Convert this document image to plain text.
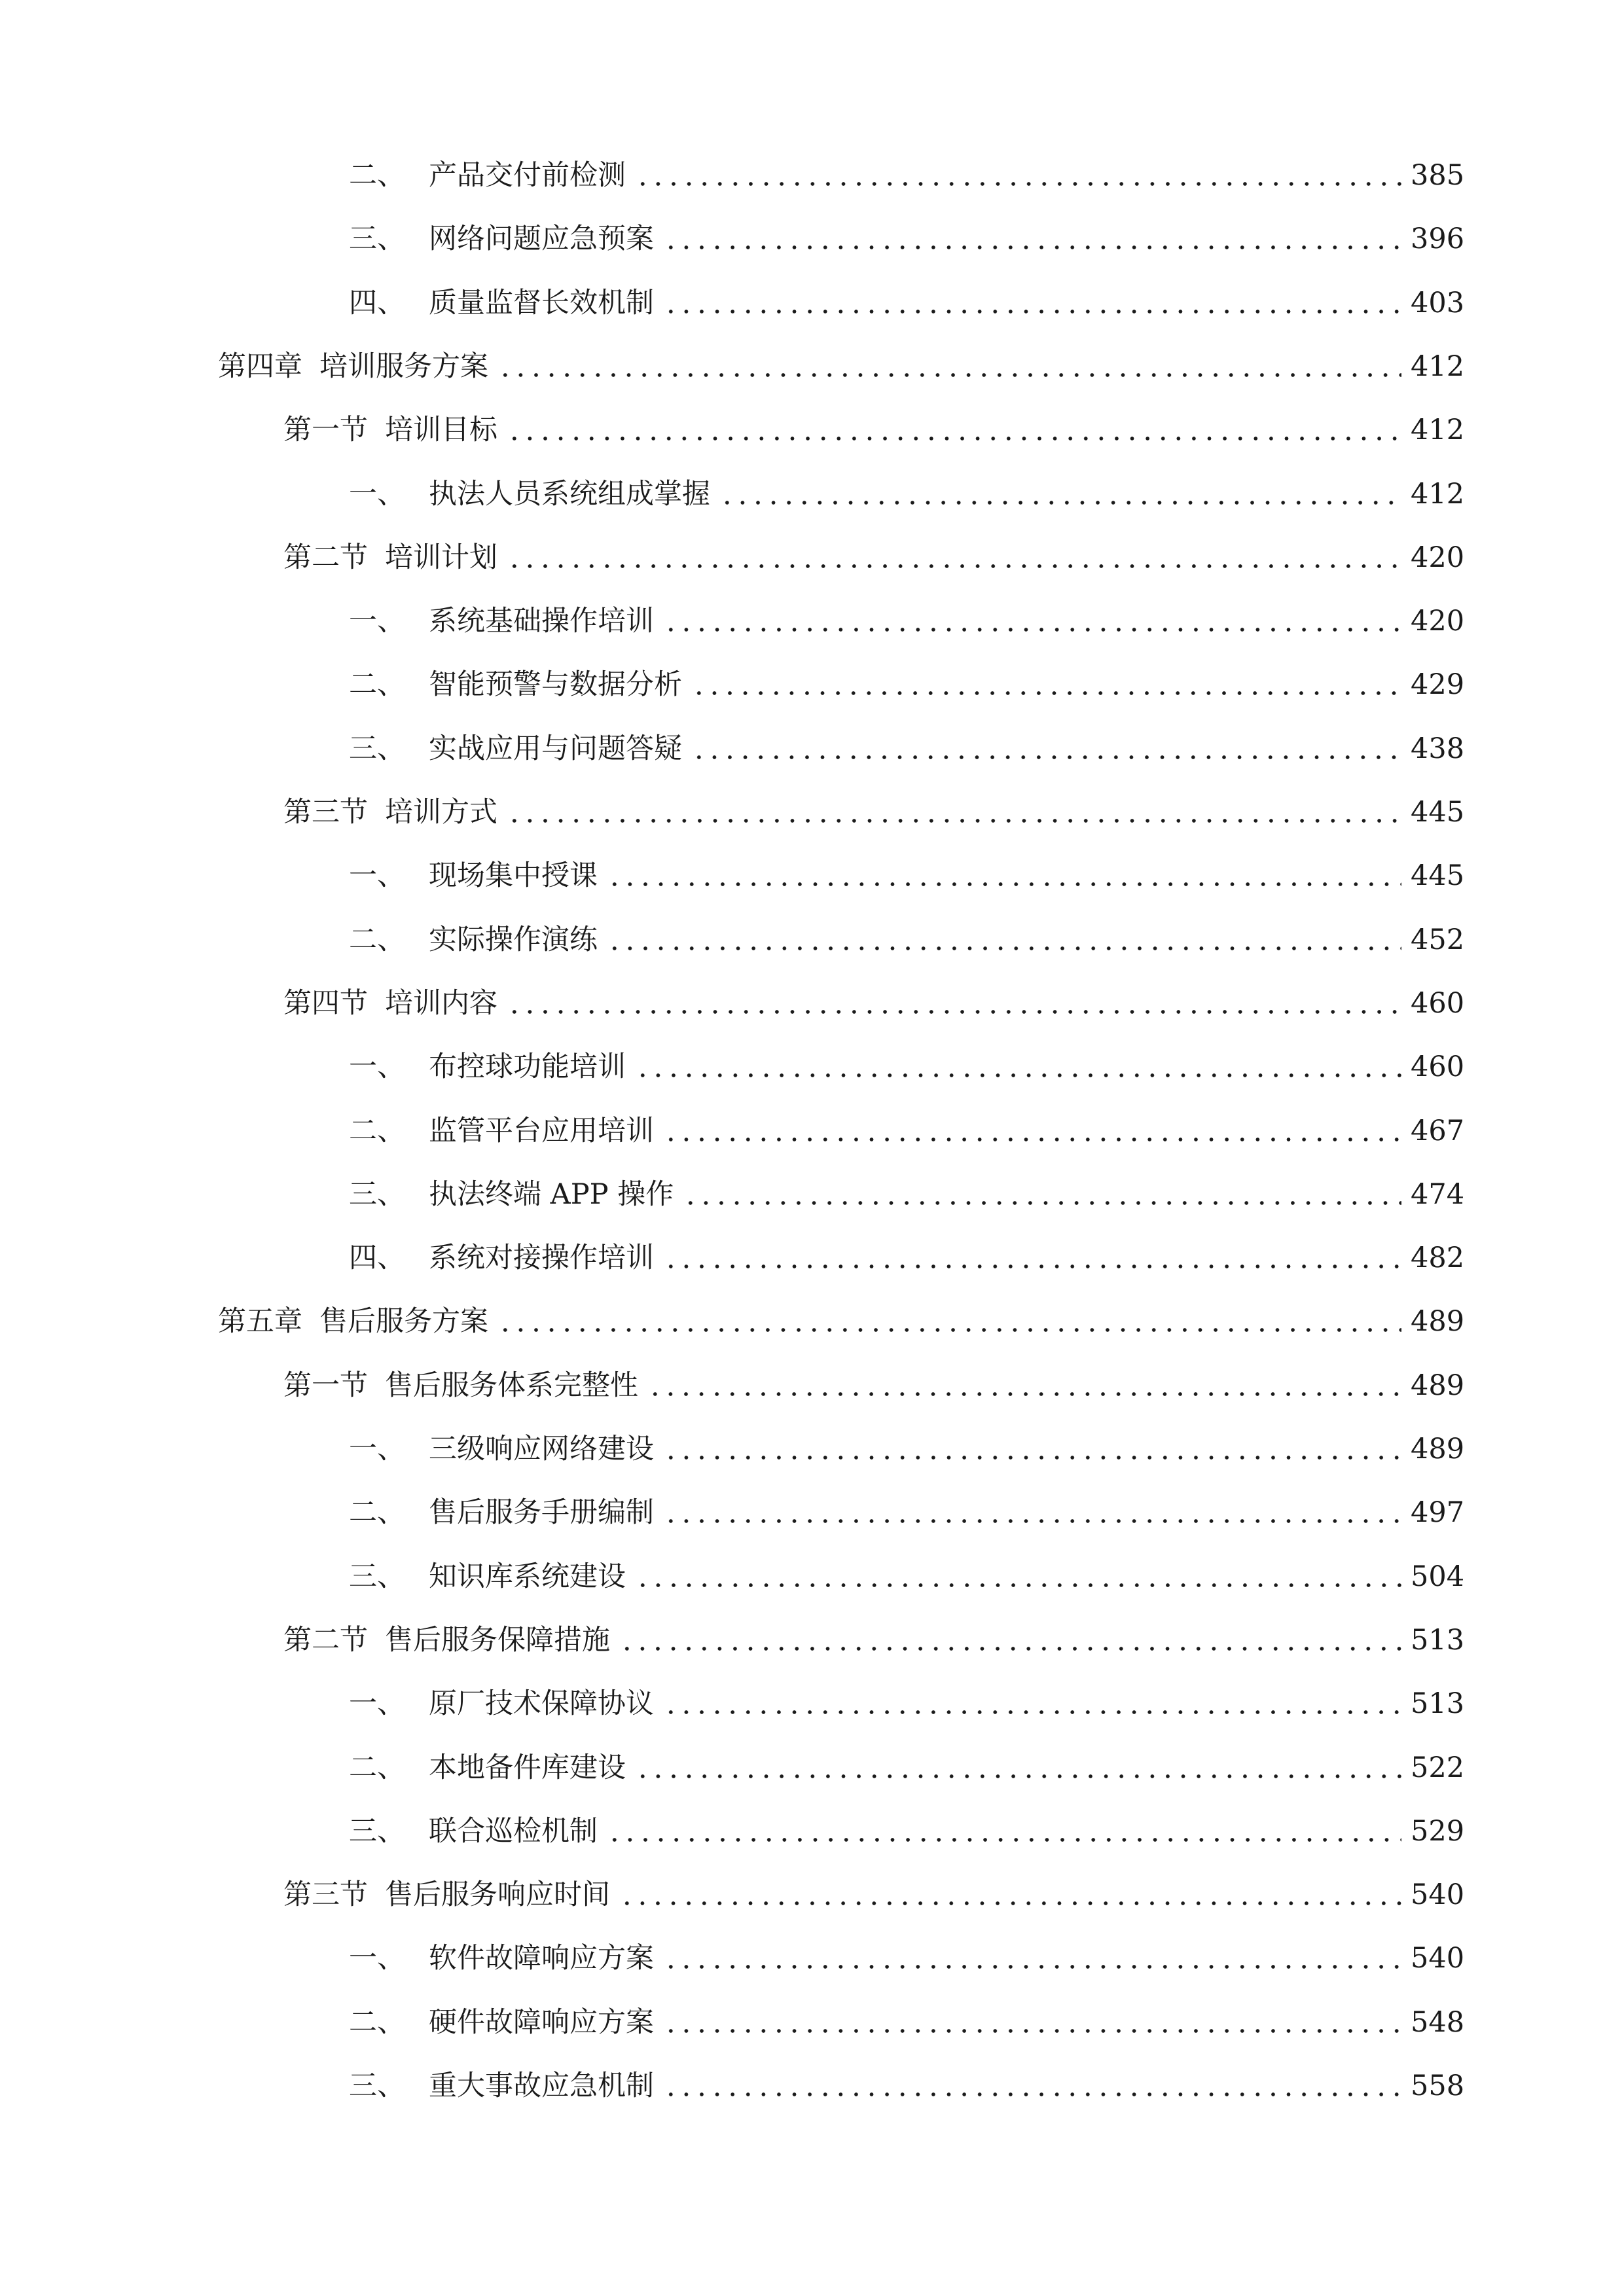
二、 产品交付前检测	385
三、 网络问题应急预案	396
四、 质量监督长效机制	403
第四章 培训服务方案	412
第一节 培训目标	412
一、 执法人员系统组成掌握	412
第二节 培训计划	420
一、 系统基础操作培训	420
二、 智能预警与数据分析	429
三、 实战应用与问题答疑	438
第三节 培训方式	445
一、 现场集中授课	445
二、 实际操作演练	452
第四节 培训内容	460
一、 布控球功能培训	460
二、 监管平台应用培训	467
三、 执法终端 APP 操作	474
四、 系统对接操作培训	482
第五章 售后服务方案	489
第一节 售后服务体系完整性	489
一、 三级响应网络建设	489
二、 售后服务手册编制	497
三、 知识库系统建设	504
第二节 售后服务保障措施	513
一、 原厂技术保障协议	513
二、 本地备件库建设	522
三、 联合巡检机制	529
第三节 售后服务响应时间	540
一、 软件故障响应方案	540
二、 硬件故障响应方案	548
三、 重大事故应急机制	558
